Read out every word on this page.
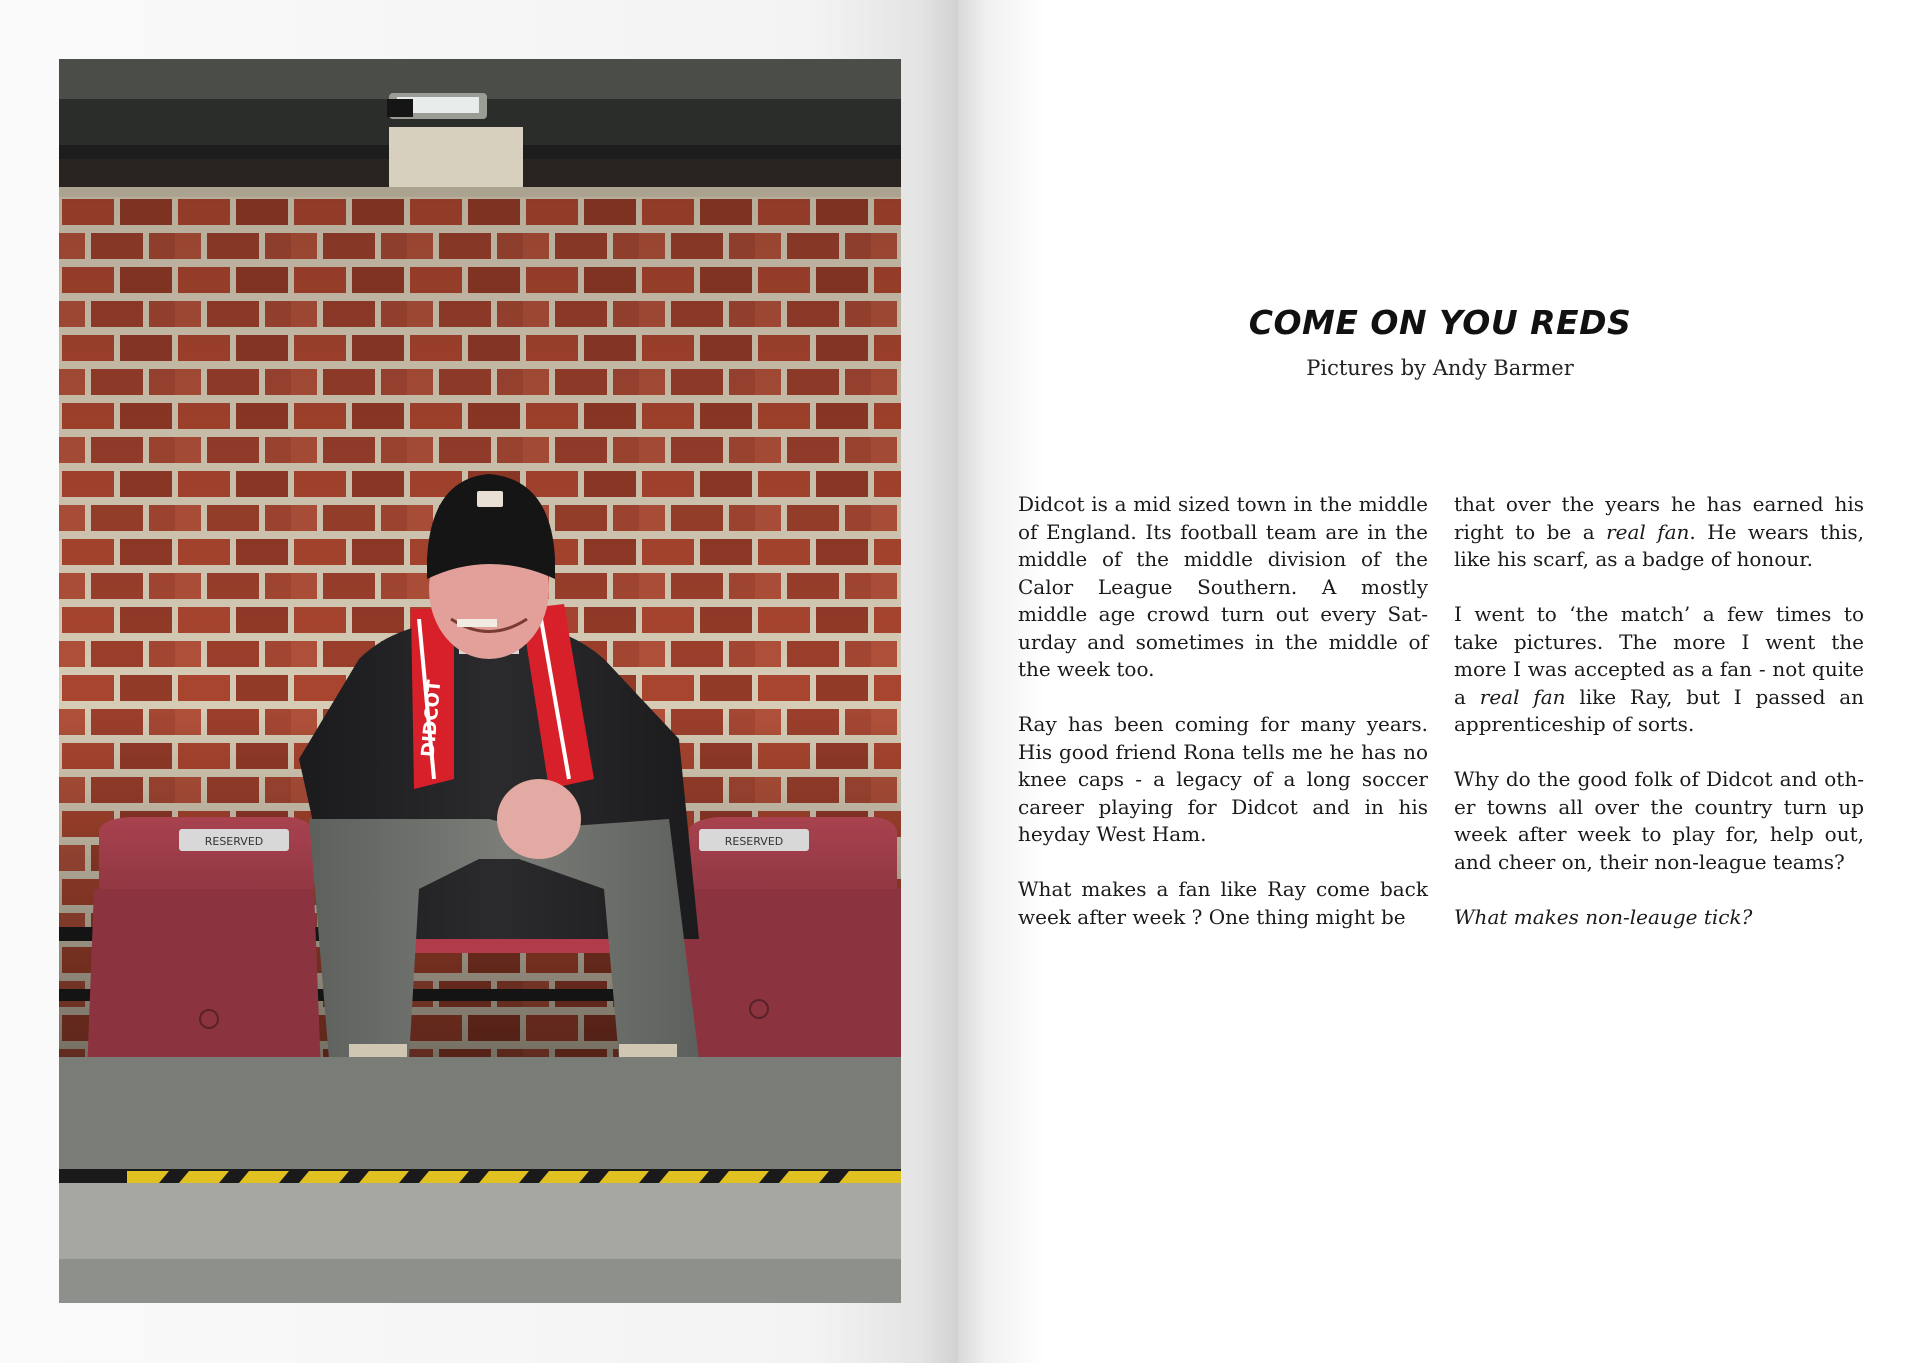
RESERVED	RESERVED
DIDCOT
COME ON YOU REDS
Pictures by Andy Barmer

Didcot is a mid sized town in the middle of England. Its football team are in the middle of the middle division of the Calor League Southern. A mostly middle age crowd turn out every Saturday and sometimes in the middle of the week too.

Ray has been coming for many years. His good friend Rona tells me he has no knee caps - a legacy of a long soccer career playing for Didcot and in his heyday West Ham.

What makes a fan like Ray come back week after week ? One thing might be

that over the years he has earned his right to be a real fan. He wears this, like his scarf, as a badge of honour.

I went to ‘the match’ a few times to take pictures. The more I went the more I was accepted as a fan - not quite a real fan like Ray, but I passed an apprenticeship of sorts.

Why do the good folk of Didcot and other towns all over the country turn up week after week to play for, help out, and cheer on, their non-league teams?

What makes non-leauge tick?
